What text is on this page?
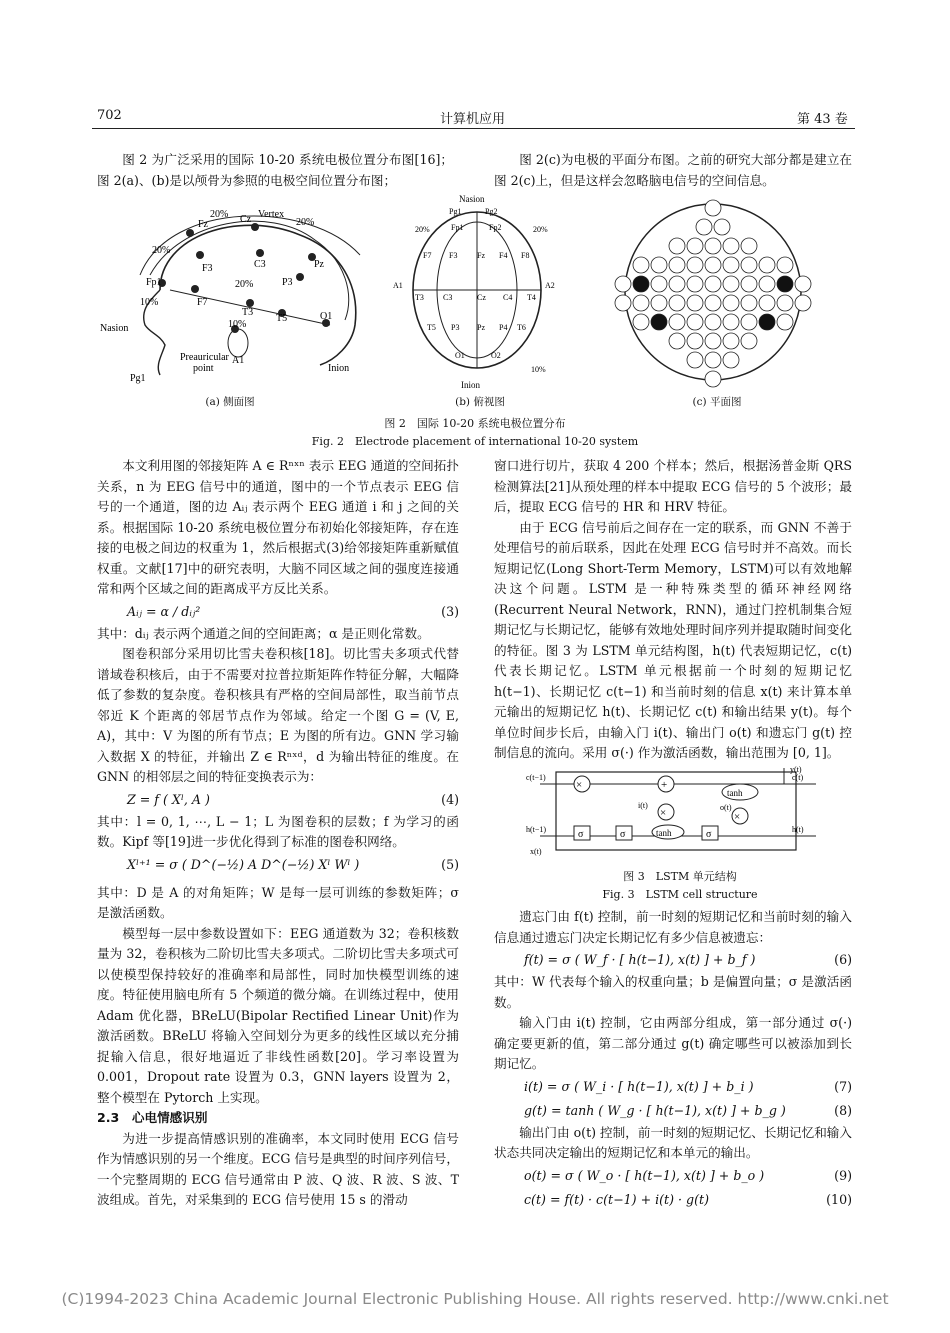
702	计算机应用	第 43 卷

图 2 为广泛采用的国际 10-20 系统电极位置分布图[16]；图 2(a)、(b)是以颅骨为参照的电极空间位置分布图；

图 2(c)为电极的平面分布图。之前的研究大部分都是建立在图 2(c)上，但是这样会忽略脑电信号的空间信息。

Vertex
Nasion
Inion
Preauricular
point
20%
20%
20%
20%
10%
10%
Fz	Cz
Pz
F3	C3
P3
F7
T3
T5	O1
Fp1
A1
Pg1
Nasion
Inion
Pg1	Pg2
Fp1	Fp2
F7 F3 Fz F4 F8
A1
T3 C3	Cz C4 T4
A2
T5 P3 Pz P4 T6
O1	O2
20%	20%
10%
(a) 侧面图	(b) 俯视图	(c) 平面图
图 2　国际 10-20 系统电极位置分布
Fig. 2　Electrode placement of international 10-20 system

本文利用图的邻接矩阵 A ∈ Rⁿˣⁿ 表示 EEG 通道的空间拓扑关系，n 为 EEG 信号中的通道，图中的一个节点表示 EEG 信号的一个通道，图的边 Aᵢⱼ 表示两个 EEG 通道 i 和 j 之间的关系。根据国际 10-20 系统电极位置分布初始化邻接矩阵，存在连接的电极之间边的权重为 1，然后根据式(3)给邻接矩阵重新赋值权重。文献[17]中的研究表明，大脑不同区域之间的强度连接通常和两个区域之间的距离成平方反比关系。

Aᵢⱼ = α / dᵢⱼ²	(3)

其中：dᵢⱼ 表示两个通道之间的空间距离；α 是正则化常数。

图卷积部分采用切比雪夫卷积核[18]。切比雪夫多项式代替谱域卷积核后，由于不需要对拉普拉斯矩阵作特征分解，大幅降低了参数的复杂度。卷积核具有严格的空间局部性，取当前节点邻近 K 个距离的邻居节点作为邻域。给定一个图 G = (V, E, A)，其中：V 为图的所有节点；E 为图的所有边。GNN 学习输入数据 X 的特征，并输出 Z ∈ Rⁿˣᵈ，d 为输出特征的维度。在 GNN 的相邻层之间的特征变换表示为：

Z = f ( Xˡ, A )	(4)

其中：l = 0, 1, ⋯, L − 1；L 为图卷积的层数；f 为学习的函数。Kipf 等[19]进一步优化得到了标准的图卷积网络。

Xˡ⁺¹ = σ ( D^(−½) A D^(−½) Xˡ Wˡ )	(5)

其中：D 是 A 的对角矩阵；W 是每一层可训练的参数矩阵；σ 是激活函数。

模型每一层中参数设置如下：EEG 通道数为 32；卷积核数量为 32，卷积核为二阶切比雪夫多项式。二阶切比雪夫多项式可以使模型保持较好的准确率和局部性，同时加快模型训练的速度。特征使用脑电所有 5 个频道的微分熵。在训练过程中，使用 Adam 优化器，BReLU(Bipolar Rectified Linear Unit)作为激活函数。BReLU 将输入空间划分为更多的线性区域以充分捕捉输入信息，很好地逼近了非线性函数[20]。学习率设置为 0.001，Dropout rate 设置为 0.3，GNN layers 设置为 2，整个模型在 Pytorch 上实现。

2.3　心电情感识别

为进一步提高情感识别的准确率，本文同时使用 ECG 信号作为情感识别的另一个维度。ECG 信号是典型的时间序列信号，一个完整周期的 ECG 信号通常由 P 波、Q 波、R 波、S 波、T 波组成。首先，对采集到的 ECG 信号使用 15 s 的滑动

窗口进行切片，获取 4 200 个样本；然后，根据汤普金斯 QRS 检测算法[21]从预处理的样本中提取 ECG 信号的 5 个波形；最后，提取 ECG 信号的 HR 和 HRV 特征。

由于 ECG 信号前后之间存在一定的联系，而 GNN 不善于处理信号的前后联系，因此在处理 ECG 信号时并不高效。而长短期记忆(Long Short-Term Memory，LSTM)可以有效地解决这个问题。LSTM 是一种特殊类型的循环神经网络(Recurrent Neural Network，RNN)，通过门控机制集合短期记忆与长期记忆，能够有效地处理时间序列并提取随时间变化的特征。图 3 为 LSTM 单元结构图，h(t) 代表短期记忆，c(t) 代表长期记忆。LSTM 单元根据前一个时刻的短期记忆 h(t−1)、长期记忆 c(t−1) 和当前时刻的信息 x(t) 来计算本单元输出的短期记忆 h(t)、长期记忆 c(t) 和输出结果 y(t)。每个单位时间步长后，由输入门 i(t)、输出门 o(t) 和遗忘门 g(t) 控制信息的流向。采用 σ(·) 作为激活函数，输出范围为 [0, 1]。

×	+
×	×
σ	σ	σ
tanh
tanh
c(t−1)	c(t)
h(t−1)	h(t)
x(t)
y(t)
i(t)	o(t)
图 3　LSTM 单元结构
Fig. 3　LSTM cell structure

遗忘门由 f(t) 控制，前一时刻的短期记忆和当前时刻的输入信息通过遗忘门决定长期记忆有多少信息被遗忘：

f(t) = σ ( W_f · [ h(t−1), x(t) ] + b_f )	(6)

其中：W 代表每个输入的权重向量；b 是偏置向量；σ 是激活函数。

输入门由 i(t) 控制，它由两部分组成，第一部分通过 σ(·) 确定要更新的值，第二部分通过 g(t) 确定哪些可以被添加到长期记忆。

i(t) = σ ( W_i · [ h(t−1), x(t) ] + b_i )	(7)
g(t) = tanh ( W_g · [ h(t−1), x(t) ] + b_g )	(8)

输出门由 o(t) 控制，前一时刻的短期记忆、长期记忆和输入状态共同决定输出的短期记忆和本单元的输出。

o(t) = σ ( W_o · [ h(t−1), x(t) ] + b_o )	(9)
c(t) = f(t) · c(t−1) + i(t) · g(t)	(10)
(C)1994-2023 China Academic Journal Electronic Publishing House. All rights reserved. http://www.cnki.net
